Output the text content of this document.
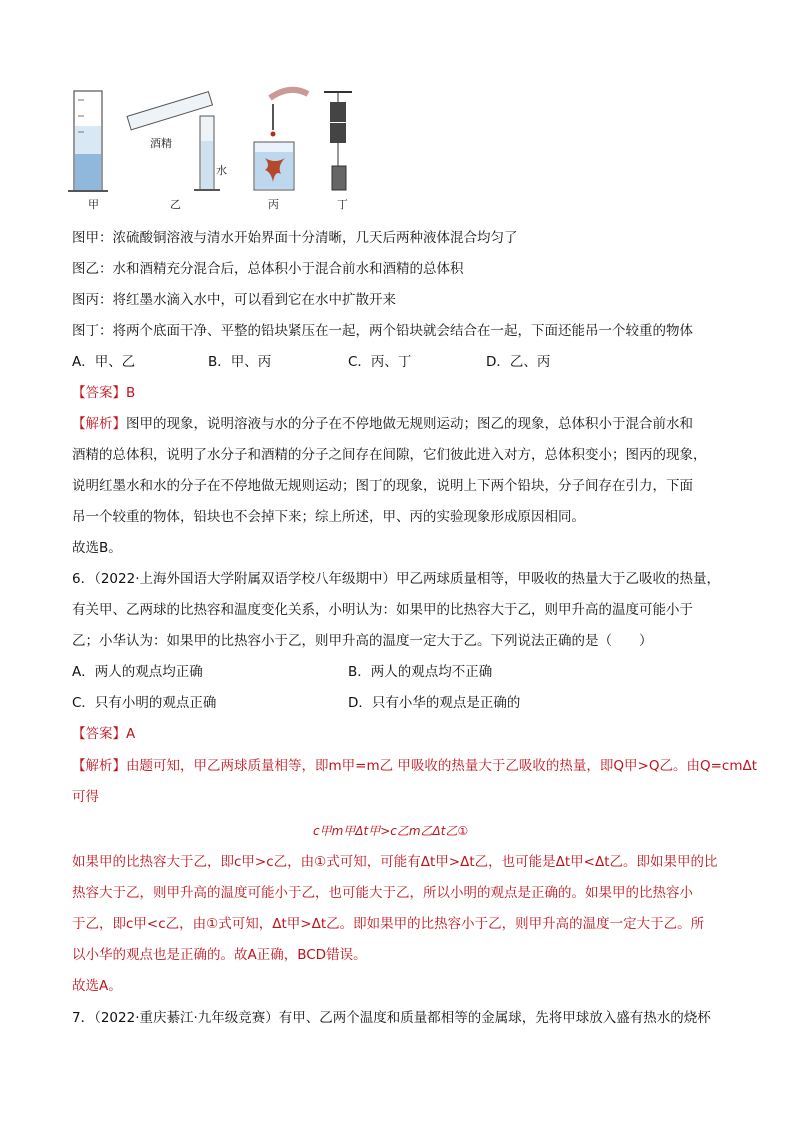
甲	乙
酒精
水
丙	丁
图甲：浓硫酸铜溶液与清水开始界面十分清晰，几天后两种液体混合均匀了
图乙：水和酒精充分混合后，总体积小于混合前水和酒精的总体积
图丙：将红墨水滴入水中，可以看到它在水中扩散开来
图丁：将两个底面干净、平整的铅块紧压在一起，两个铅块就会结合在一起，下面还能吊一个较重的物体
A．甲、乙	B．甲、丙	C．丙、丁	D．乙、丙
【答案】B
【解析】图甲的现象，说明溶液与水的分子在不停地做无规则运动；图乙的现象，总体积小于混合前水和
酒精的总体积，说明了水分子和酒精的分子之间存在间隙，它们彼此进入对方，总体积变小；图丙的现象，
说明红墨水和水的分子在不停地做无规则运动；图丁的现象，说明上下两个铅块，分子间存在引力，下面
吊一个较重的物体，铅块也不会掉下来；综上所述，甲、丙的实验现象形成原因相同。
故选B。
6．（2022·上海外国语大学附属双语学校八年级期中）甲乙两球质量相等，甲吸收的热量大于乙吸收的热量，
有关甲、乙两球的比热容和温度变化关系，小明认为：如果甲的比热容大于乙，则甲升高的温度可能小于
乙；小华认为：如果甲的比热容小于乙，则甲升高的温度一定大于乙。下列说法正确的是（　　）
A．两人的观点均正确	B．两人的观点均不正确
C．只有小明的观点正确	D．只有小华的观点是正确的
【答案】A
【解析】由题可知，甲乙两球质量相等，即m甲=m乙 甲吸收的热量大于乙吸收的热量，即Q甲>Q乙。由Q=cmΔt
可得
c甲m甲Δt甲>c乙m乙Δt乙①
如果甲的比热容大于乙，即c甲>c乙，由①式可知，可能有Δt甲>Δt乙，也可能是Δt甲<Δt乙。即如果甲的比
热容大于乙，则甲升高的温度可能小于乙，也可能大于乙，所以小明的观点是正确的。如果甲的比热容小
于乙，即c甲<c乙，由①式可知，Δt甲>Δt乙。即如果甲的比热容小于乙，则甲升高的温度一定大于乙。所
以小华的观点也是正确的。故A正确，BCD错误。
故选A。
7．（2022·重庆綦江·九年级竞赛）有甲、乙两个温度和质量都相等的金属球，先将甲球放入盛有热水的烧杯
